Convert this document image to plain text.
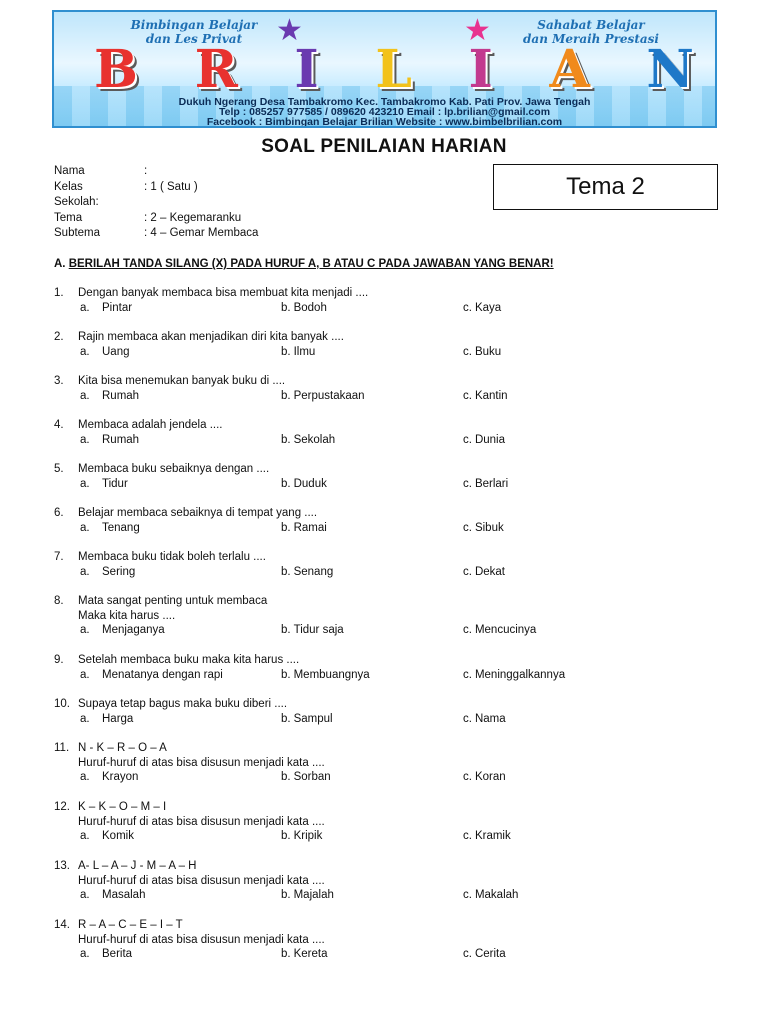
Bimbingan Belajar
dan Les Privat
Sahabat Belajar
dan Meraih Prestasi
★	★
B R I L I A N
Dukuh Ngerang Desa Tambakromo Kec. Tambakromo Kab. Pati Prov. Jawa Tengah
Telp : 085257 977585 / 089620 423210 Email : lp.brilian@gmail.com
Facebook : Bimbingan Belajar Brilian Website : www.bimbelbrilian.com
SOAL PENILAIAN HARIAN
Tema 2
Nama	:
Kelas	: 1 ( Satu )
Sekolah:
Tema	: 2 – Kegemaranku
Subtema	: 4 – Gemar Membaca
A. BERILAH TANDA SILANG (X) PADA HURUF A, B ATAU C PADA JAWABAN YANG BENAR!
1.	Dengan banyak membaca bisa membuat kita menjadi ....
a.	Pintar	b. Bodoh	c. Kaya
2.	Rajin membaca akan menjadikan diri kita banyak ....
a.	Uang	b. Ilmu	c. Buku
3.	Kita bisa menemukan banyak buku di ....
a.	Rumah	b. Perpustakaan	c. Kantin
4.	Membaca adalah jendela ....
a.	Rumah	b. Sekolah	c. Dunia
5.	Membaca buku sebaiknya dengan ....
a.	Tidur	b. Duduk	c. Berlari
6.	Belajar membaca sebaiknya di tempat yang ....
a.	Tenang	b. Ramai	c. Sibuk
7.	Membaca buku tidak boleh terlalu ....
a.	Sering	b. Senang	c. Dekat
8.	Mata sangat penting untuk membaca
Maka kita harus ....
a.	Menjaganya	b. Tidur saja	c. Mencucinya
9.	Setelah membaca buku maka kita harus ....
a.	Menatanya dengan rapi	b. Membuangnya	c. Meninggalkannya
10. Supaya tetap bagus maka buku diberi ....
a.	Harga	b. Sampul	c. Nama
11. N - K – R – O – A
Huruf-huruf di atas bisa disusun menjadi kata ....
a.	Krayon	b. Sorban	c. Koran
12. K – K – O – M – I
Huruf-huruf di atas bisa disusun menjadi kata ....
a.	Komik	b. Kripik	c. Kramik
13. A- L – A – J - M – A – H
Huruf-huruf di atas bisa disusun menjadi kata ....
a.	Masalah	b. Majalah	c. Makalah
14. R – A – C – E – I – T
Huruf-huruf di atas bisa disusun menjadi kata ....
a.	Berita	b. Kereta	c. Cerita
